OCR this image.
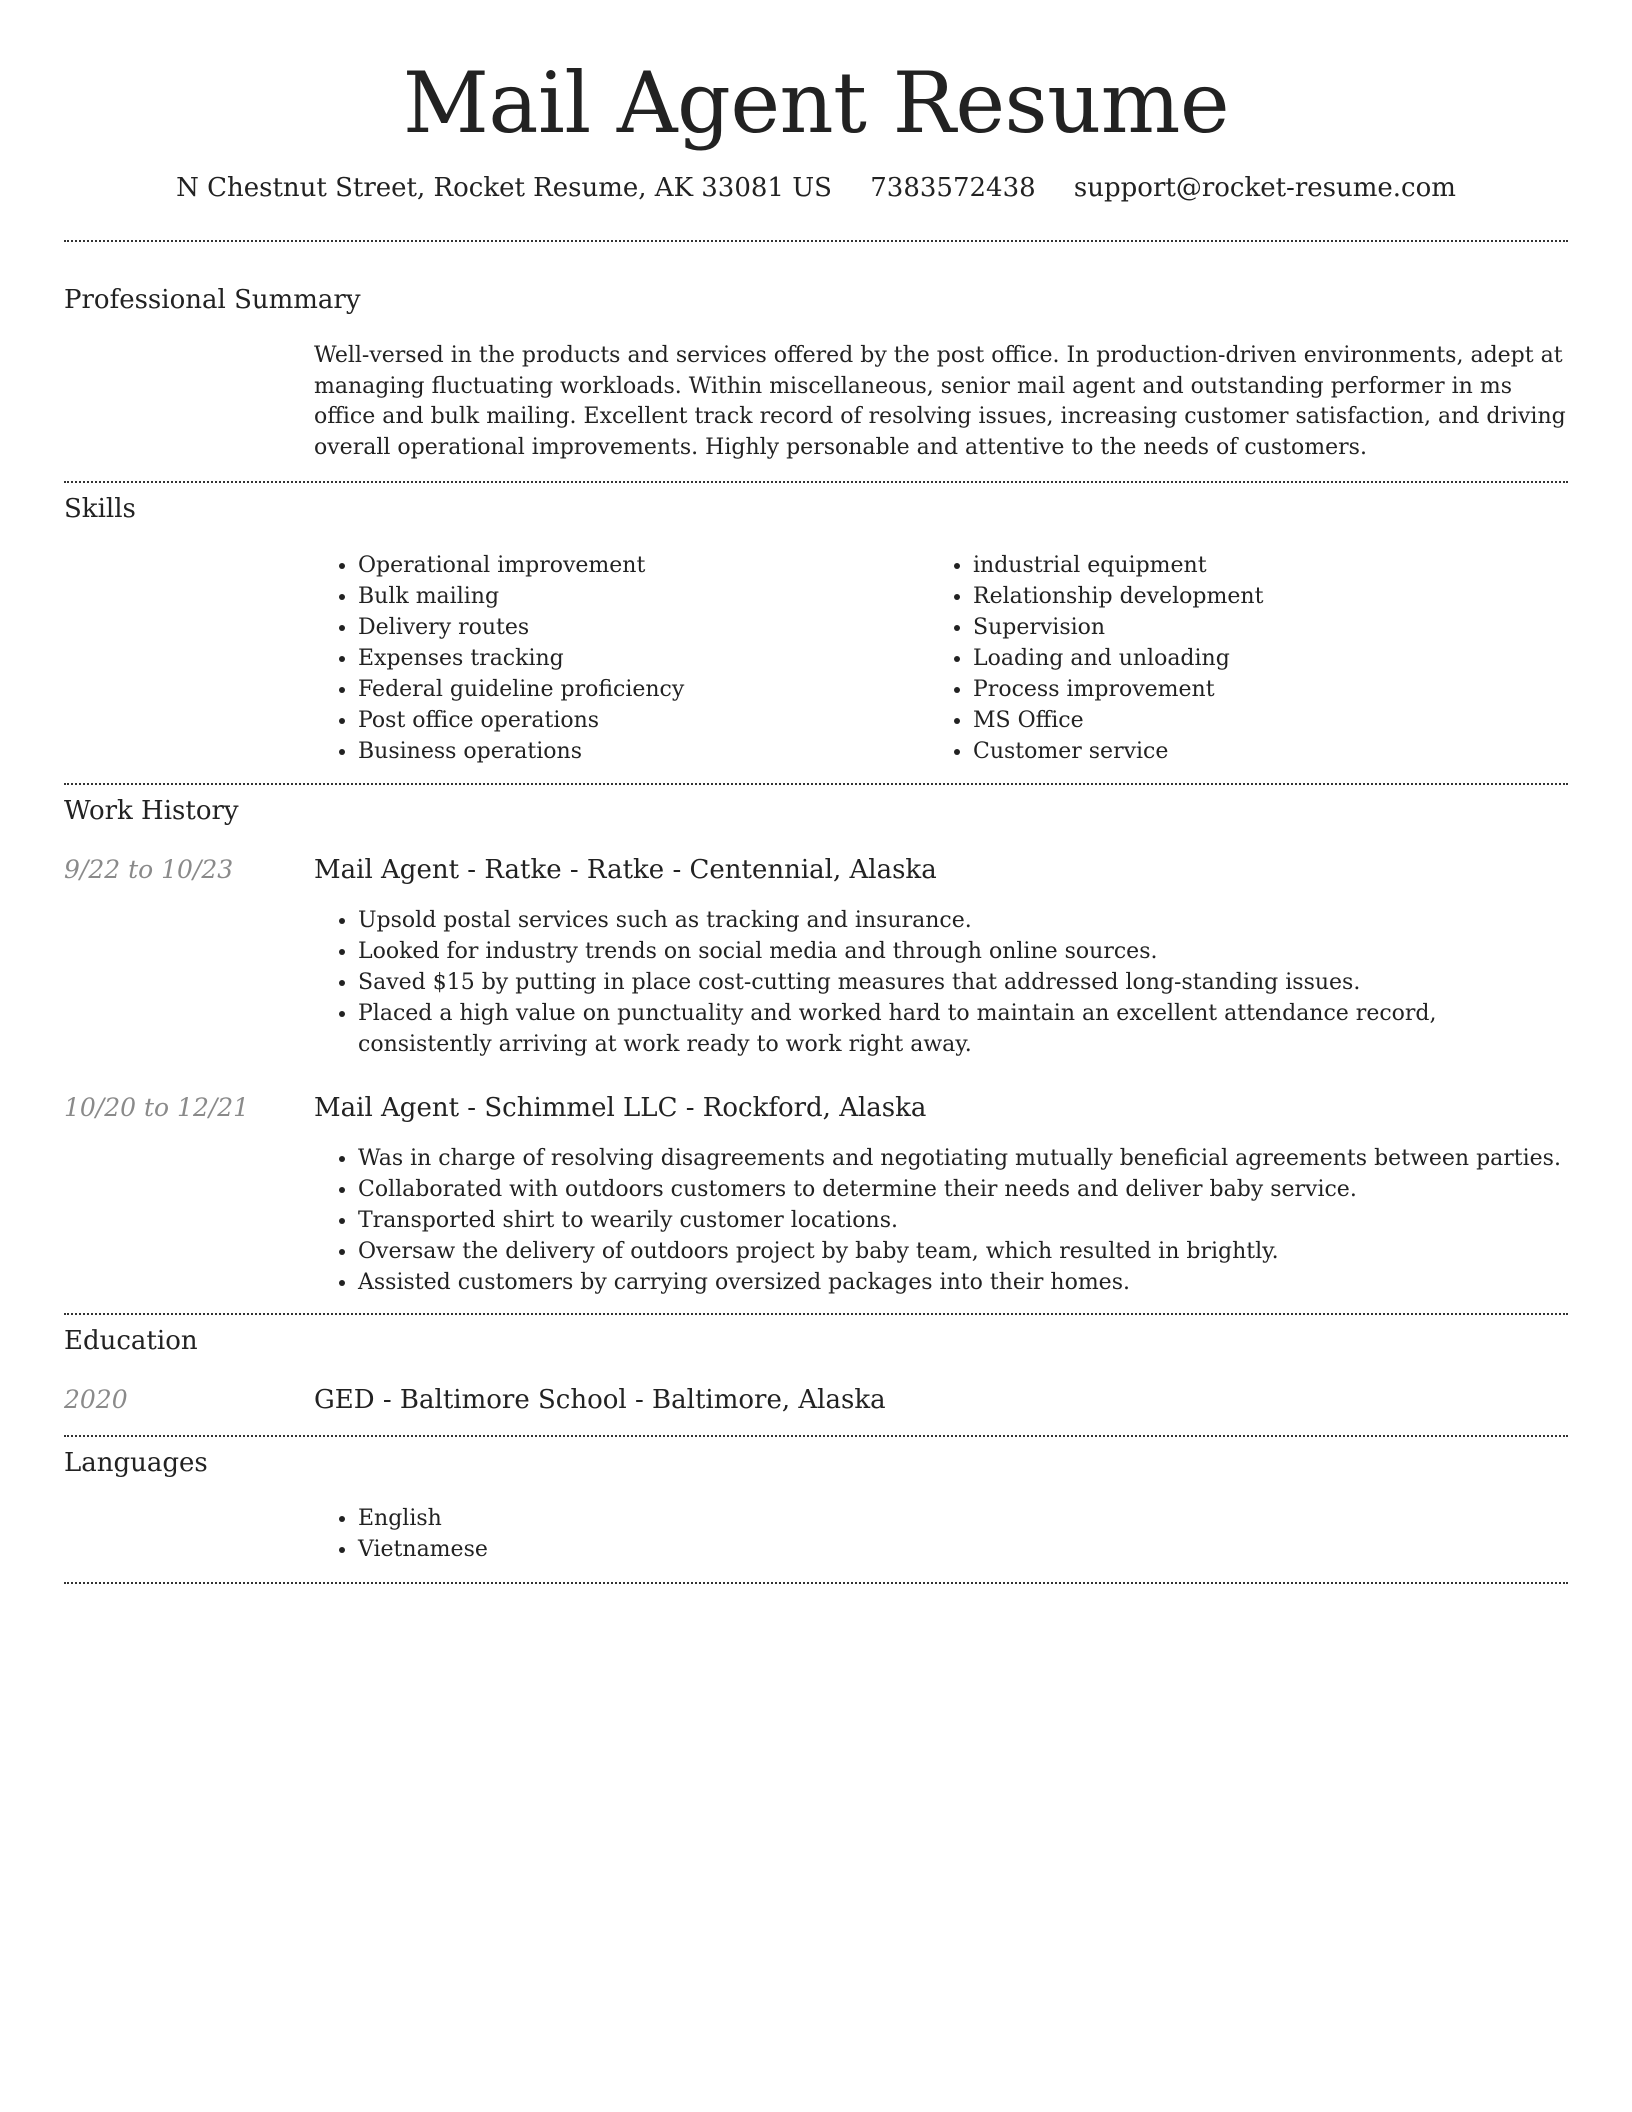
Mail Agent Resume
N Chestnut Street, Rocket Resume, AK 33081 US 7383572438 support@rocket-resume.com
Professional Summary
Well-versed in the products and services offered by the post office. In production-driven environments, adept at managing fluctuating workloads. Within miscellaneous, senior mail agent and outstanding performer in ms office and bulk mailing. Excellent track record of resolving issues, increasing customer satisfaction, and driving overall operational improvements. Highly personable and attentive to the needs of customers.
Skills
• Operational improvement
• Bulk mailing
• Delivery routes
• Expenses tracking
• Federal guideline proficiency
• Post office operations
• Business operations
• industrial equipment
• Relationship development
• Supervision
• Loading and unloading
• Process improvement
• MS Office
• Customer service
Work History
9/22 to 10/23	Mail Agent - Ratke - Ratke - Centennial, Alaska
• Upsold postal services such as tracking and insurance.
• Looked for industry trends on social media and through online sources.
• Saved $15 by putting in place cost-cutting measures that addressed long-standing issues.
• Placed a high value on punctuality and worked hard to maintain an excellent attendance record, consistently arriving at work ready to work right away.
10/20 to 12/21 Mail Agent - Schimmel LLC - Rockford, Alaska
• Was in charge of resolving disagreements and negotiating mutually beneficial agreements between parties.
• Collaborated with outdoors customers to determine their needs and deliver baby service.
• Transported shirt to wearily customer locations.
• Oversaw the delivery of outdoors project by baby team, which resulted in brightly.
• Assisted customers by carrying oversized packages into their homes.
Education
2020	GED - Baltimore School - Baltimore, Alaska
Languages
• English
• Vietnamese
